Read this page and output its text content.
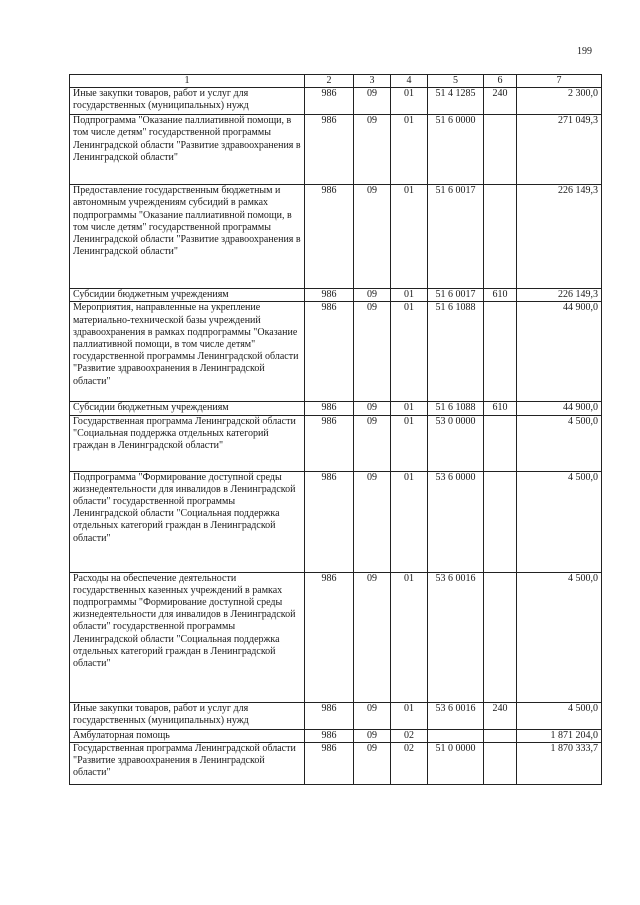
199
1	2	3	4	5	6	7
Иные закупки товаров, работ и услуг для государственных (муниципальных) нужд	986	09	01	51 4 1285	240	2 300,0
Подпрограмма "Оказание паллиативной помощи, в том числе детям" государственной программы Ленинградской области "Развитие здравоохранения в Ленинградской области"	986	09	01	51 6 0000		271 049,3
Предоставление государственным бюджетным и автономным учреждениям субсидий в рамках подпрограммы "Оказание паллиативной помощи, в том числе детям" государственной программы Ленинградской области "Развитие здравоохранения в Ленинградской области"	986	09	01	51 6 0017		226 149,3
Субсидии бюджетным учреждениям	986	09	01	51 6 0017	610	226 149,3
Мероприятия, направленные на укрепление материально-технической базы учреждений здравоохранения в рамках подпрограммы "Оказание паллиативной помощи, в том числе детям" государственной программы Ленинградской области "Развитие здравоохранения в Ленинградской области"	986	09	01	51 6 1088		44 900,0
Субсидии бюджетным учреждениям	986	09	01	51 6 1088	610	44 900,0
Государственная программа Ленинградской области "Социальная поддержка отдельных категорий граждан в Ленинградской области"	986	09	01	53 0 0000		4 500,0
Подпрограмма "Формирование доступной среды жизнедеятельности для инвалидов в Ленинградской области" государственной программы Ленинградской области "Социальная поддержка отдельных категорий граждан в Ленинградской области"	986	09	01	53 6 0000		4 500,0
Расходы на обеспечение деятельности государственных казенных учреждений в рамках подпрограммы "Формирование доступной среды жизнедеятельности для инвалидов в Ленинградской области" государственной программы Ленинградской области "Социальная поддержка отдельных категорий граждан в Ленинградской области"	986	09	01	53 6 0016		4 500,0
Иные закупки товаров, работ и услуг для государственных (муниципальных) нужд	986	09	01	53 6 0016	240	4 500,0
Амбулаторная помощь	986	09	02			1 871 204,0
Государственная программа Ленинградской области "Развитие здравоохранения в Ленинградской области"	986	09	02	51 0 0000		1 870 333,7
